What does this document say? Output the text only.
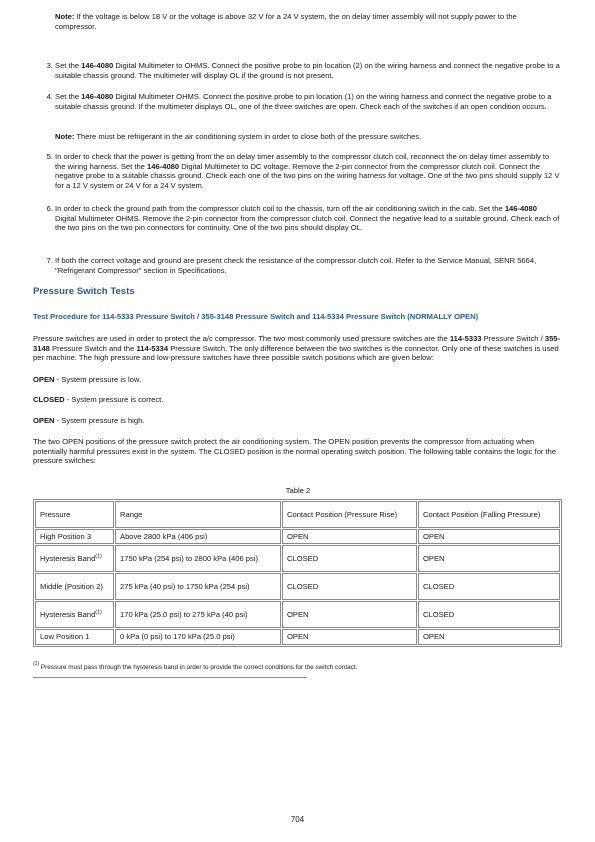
Note: If the voltage is below 18 V or the voltage is above 32 V for a 24 V system, the on delay timer assembly will not supply power to the compressor.

3. Set the 146-4080 Digital Multimeter to OHMS. Connect the positive probe to pin location (2) on the wiring harness and connect the negative probe to a suitable chassis ground. The multimeter will display OL if the ground is not present.

4. Set the 146-4080 Digital Multimeter OHMS. Connect the positive probe to pin location (1) on the wiring harness and connect the negative probe to a suitable chassis ground. If the multimeter displays OL, one of the three switches are open. Check each of the switches if an open condition occurs.

Note: There must be refrigerant in the air conditioning system in order to close both of the pressure switches.

5. In order to check that the power is getting from the on delay timer assembly to the compressor clutch coil, reconnect the on delay timer assembly to the wiring harness. Set the 146-4080 Digital Multimeter to DC voltage. Remove the 2-pin connector from the compressor clutch coil. Connect the negative probe to a suitable chassis ground. Check each one of the two pins on the wiring harness for voltage. One of the two pins should supply 12 V for a 12 V system or 24 V for a 24 V system.

6. In order to check the ground path from the compressor clutch coil to the chassis, turn off the air conditioning switch in the cab. Set the 146-4080 Digital Multimeter OHMS. Remove the 2-pin connector from the compressor clutch coil. Connect the negative lead to a suitable ground. Check each of the two pins on the two pin connectors for continuity. One of the two pins should display OL.

7. If both the correct voltage and ground are present check the resistance of the compressor clutch coil. Refer to the Service Manual, SENR 5664, "Refrigerant Compressor" section in Specifications.

Pressure Switch Tests
Test Procedure for 114-5333 Pressure Switch / 355-3148 Pressure Switch and 114-5334 Pressure Switch (NORMALLY OPEN)

Pressure switches are used in order to protect the a/c compressor. The two most commonly used pressure switches are the 114-5333 Pressure Switch / 355-3148 Pressure Switch and the 114-5334 Pressure Switch. The only difference between the two switches is the connector. Only one of these switches is used per machine. The high pressure and low-pressure switches have three possible switch positions which are given below:

OPEN - System pressure is low.

CLOSED - System pressure is correct.

OPEN - System pressure is high.

The two OPEN positions of the pressure switch protect the air conditioning system. The OPEN position prevents the compressor from actuating when potentially harmful pressures exist in the system. The CLOSED position is the normal operating switch position. The following table contains the logic for the pressure switches:

Table 2
Pressure	Range	Contact Position (Pressure Rise)	Contact Position (Falling Pressure)
High Position 3	Above 2800 kPa (406 psi)	OPEN	OPEN
Hysteresis Band$^{(1)}$	1750 kPa (254 psi) to 2800 kPa (406 psi)	CLOSED	OPEN
Middle (Position 2)	275 kPa (40 psi) to 1750 kPa (254 psi)	CLOSED	CLOSED
Hysteresis Band$^{(1)}$	170 kPa (25.0 psi) to 275 kPa (40 psi)	OPEN	CLOSED
Low Position 1	0 kPa (0 psi) to 170 kPa (25.0 psi)	OPEN	OPEN

$^{(1)}$ Pressure must pass through the hysteresis band in order to provide the correct conditions for the switch contact.

704
